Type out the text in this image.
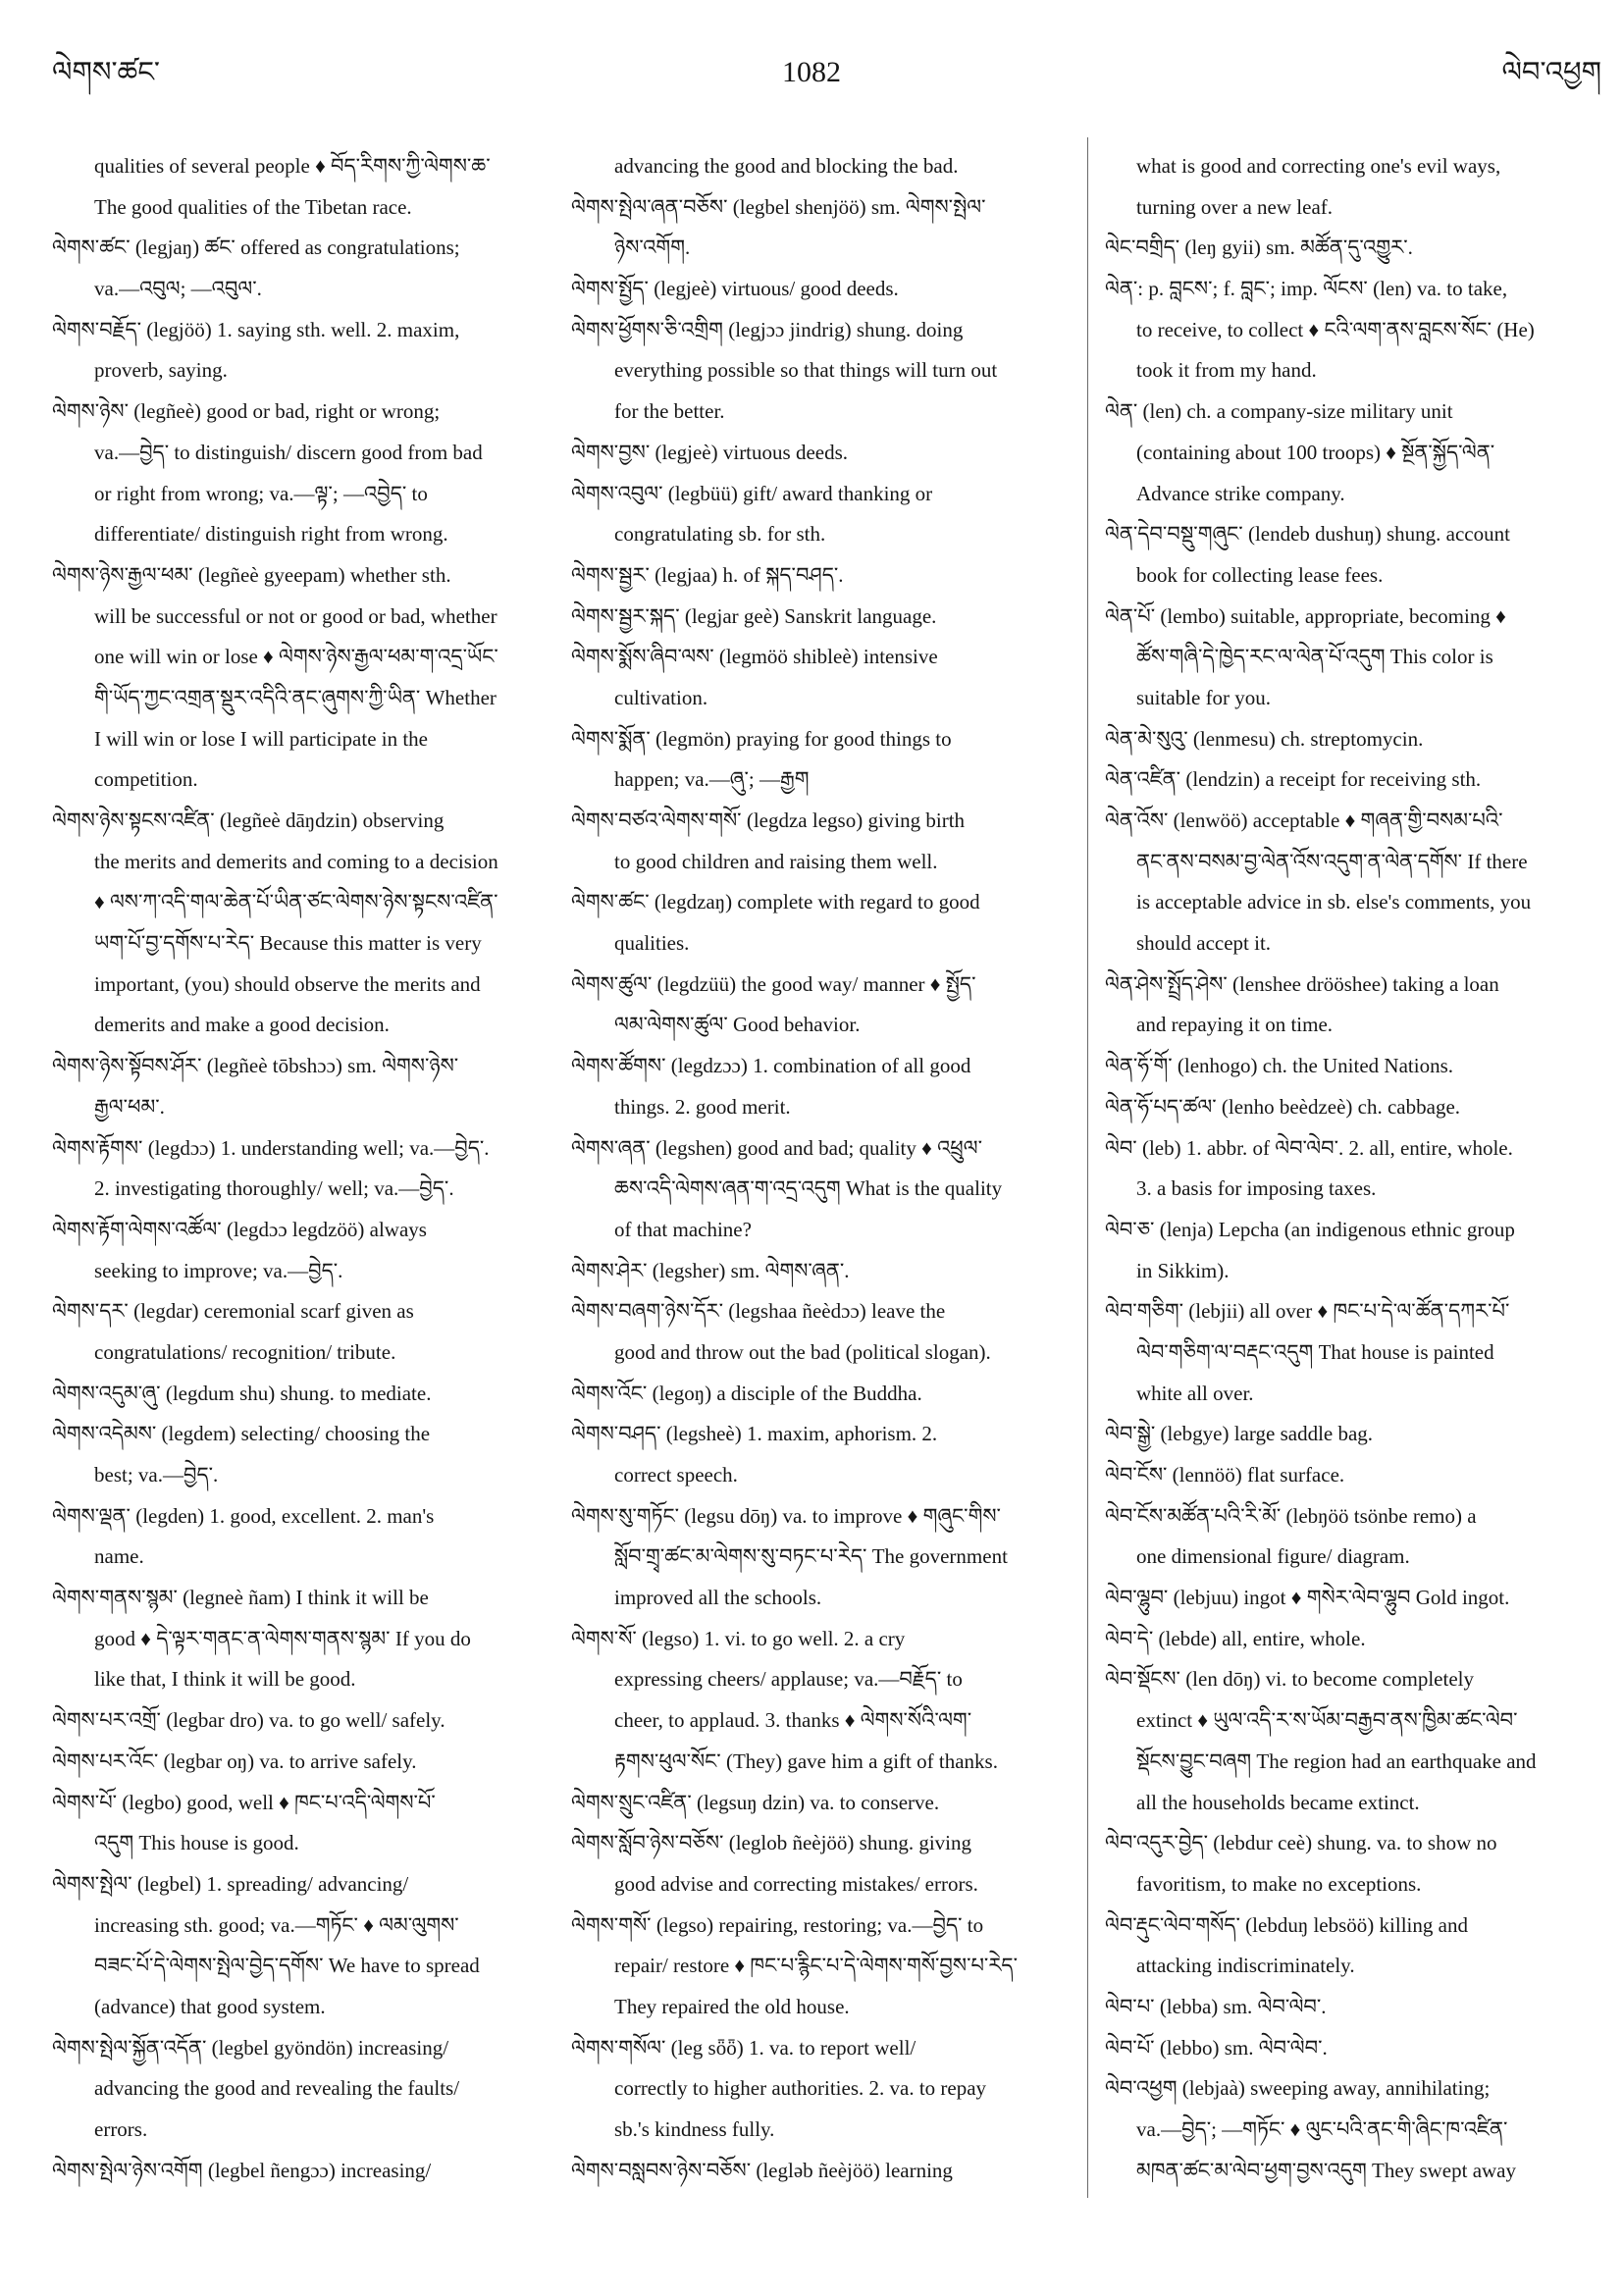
ལེགས་ཚང་	1082	ལེབ་འཕྱག
qualities of several people ♦ བོད་རིགས་ཀྱི་ལེགས་ཆ་
The good qualities of the Tibetan race.
ལེགས་ཚང་ (legjaŋ) ཚང་ offered as congratulations;
va.—འབུལ; —འབུལ་.
ལེགས་བརྗོད་ (legjöö) 1. saying sth. well. 2. maxim,
proverb, saying.
ལེགས་ཉེས་ (legñeè) good or bad, right or wrong;
va.—བྱེད་ to distinguish/ discern good from bad
or right from wrong; va.—ལྟ་; —འབྱེད་ to
differentiate/ distinguish right from wrong.
ལེགས་ཉེས་རྒྱལ་ཕམ་ (legñeè gyeepam) whether sth.
will be successful or not or good or bad, whether
one will win or lose ♦ ལེགས་ཉེས་རྒྱལ་ཕམ་ག་འདྲ་ཡོང་
གི་ཡོད་ཀྱང་འགྲན་སྡུར་འདིའི་ནང་ཞུགས་ཀྱི་ཡིན་ Whether
I will win or lose I will participate in the
competition.
ལེགས་ཉེས་སྟངས་འཛིན་ (legñeè dāŋdzin) observing
the merits and demerits and coming to a decision
♦ ལས་ཀ་འདི་གལ་ཆེན་པོ་ཡིན་ཙང་ལེགས་ཉེས་སྟངས་འཛིན་
ཡག་པོ་བྱ་དགོས་པ་རེད་ Because this matter is very
important, (you) should observe the merits and
demerits and make a good decision.
ལེགས་ཉེས་སྟོབས་ཤོར་ (legñeè tōbshɔɔ) sm. ལེགས་ཉེས་
རྒྱལ་ཕམ་.
ལེགས་རྟོགས་ (legdɔɔ) 1. understanding well; va.—བྱེད་.
2. investigating thoroughly/ well; va.—བྱེད་.
ལེགས་རྟོག་ལེགས་འཚོལ་ (legdɔɔ legdzöö) always
seeking to improve; va.—བྱེད་.
ལེགས་དར་ (legdar) ceremonial scarf given as
congratulations/ recognition/ tribute.
ལེགས་འདུམ་ཞུ་ (legdum shu) shung. to mediate.
ལེགས་འདེམས་ (legdem) selecting/ choosing the
best; va.—བྱེད་.
ལེགས་ལྡན་ (legden) 1. good, excellent. 2. man's
name.
ལེགས་གནས་སྙམ་ (legneè ñam) I think it will be
good ♦ དེ་ལྟར་གནང་ན་ལེགས་གནས་སྙམ་ If you do
like that, I think it will be good.
ལེགས་པར་འགྲོ་ (legbar dro) va. to go well/ safely.
ལེགས་པར་འོང་ (legbar oŋ) va. to arrive safely.
ལེགས་པོ་ (legbo) good, well ♦ ཁང་པ་འདི་ལེགས་པོ་
འདུག This house is good.
ལེགས་སྤེལ་ (legbel) 1. spreading/ advancing/
increasing sth. good; va.—གཏོང་ ♦ ལམ་ལུགས་
བཟང་པོ་དེ་ལེགས་སྤེལ་བྱེད་དགོས་ We have to spread
(advance) that good system.
ལེགས་སྤེལ་སྐྱོན་འདོན་ (legbel gyöndön) increasing/
advancing the good and revealing the faults/
errors.
ལེགས་སྤེལ་ཉེས་འགོག (legbel ñengɔɔ) increasing/
advancing the good and blocking the bad.
ལེགས་སྤེལ་ཞན་བཅོས་ (legbel shenjöö) sm. ལེགས་སྤེལ་
ཉེས་འགོག.
ལེགས་སྤྱོད་ (legjeè) virtuous/ good deeds.
ལེགས་ཕྱོགས་ཅི་འགྲིག (legjɔɔ jindrig) shung. doing
everything possible so that things will turn out
for the better.
ལེགས་བྱས་ (legjeè) virtuous deeds.
ལེགས་འབུལ་ (legbüü) gift/ award thanking or
congratulating sb. for sth.
ལེགས་སྦྱར་ (legjaa) h. of སྐད་བཤད་.
ལེགས་སྦྱར་སྐད་ (legjar geè) Sanskrit language.
ལེགས་སྨོས་ཞིབ་ལས་ (legmöö shibleè) intensive
cultivation.
ལེགས་སྨོན་ (legmön) praying for good things to
happen; va.—ཞུ་; —རྒྱག
ལེགས་བཙའ་ལེགས་གསོ་ (legdza legso) giving birth
to good children and raising them well.
ལེགས་ཚང་ (legdzaŋ) complete with regard to good
qualities.
ལེགས་ཚུལ་ (legdzüü) the good way/ manner ♦ སྤྱོད་
ལམ་ལེགས་ཚུལ་ Good behavior.
ལེགས་ཚོགས་ (legdzɔɔ) 1. combination of all good
things. 2. good merit.
ལེགས་ཞན་ (legshen) good and bad; quality ♦ འཕྲུལ་
ཆས་འདི་ལེགས་ཞན་ག་འདྲ་འདུག What is the quality
of that machine?
ལེགས་ཤེར་ (legsher) sm. ལེགས་ཞན་.
ལེགས་བཞག་ཉེས་དོར་ (legshaa ñeèdɔɔ) leave the
good and throw out the bad (political slogan).
ལེགས་འོང་ (legoŋ) a disciple of the Buddha.
ལེགས་བཤད་ (legsheè) 1. maxim, aphorism. 2.
correct speech.
ལེགས་སུ་གཏོང་ (legsu dōŋ) va. to improve ♦ གཞུང་གིས་
སློབ་གྲྭ་ཚང་མ་ལེགས་སུ་བཏང་པ་རེད་ The government
improved all the schools.
ལེགས་སོ་ (legso) 1. vi. to go well. 2. a cry
expressing cheers/ applause; va.—བརྗོད་ to
cheer, to applaud. 3. thanks ♦ ལེགས་སོའི་ལག་
རྟགས་ཕུལ་སོང་ (They) gave him a gift of thanks.
ལེགས་སྲུང་འཛིན་ (legsuŋ dzin) va. to conserve.
ལེགས་སློབ་ཉེས་བཅོས་ (leglob ñeèjöö) shung. giving
good advise and correcting mistakes/ errors.
ལེགས་གསོ་ (legso) repairing, restoring; va.—བྱེད་ to
repair/ restore ♦ ཁང་པ་རྙིང་པ་དེ་ལེགས་གསོ་བྱས་པ་རེད་
They repaired the old house.
ལེགས་གསོལ་ (leg sȫȫ) 1. va. to report well/
correctly to higher authorities. 2. va. to repay
sb.'s kindness fully.
ལེགས་བསླབས་ཉེས་བཅོས་ (legləb ñeèjöö) learning
what is good and correcting one's evil ways,
turning over a new leaf.
ལེང་བགྲིད་ (leŋ gyii) sm. མཚོན་དུ་འགྱུར་.
ལེན་: p. བླངས་; f. བླང་; imp. ལོངས་ (len) va. to take,
to receive, to collect ♦ ངའི་ལག་ནས་བླངས་སོང་ (He)
took it from my hand.
ལེན་ (len) ch. a company-size military unit
(containing about 100 troops) ♦ སྔོན་སྐྱོད་ལེན་
Advance strike company.
ལེན་དེབ་བསྡུ་གཞུང་ (lendeb dushuŋ) shung. account
book for collecting lease fees.
ལེན་པོ་ (lembo) suitable, appropriate, becoming ♦
ཚོས་གཞི་དེ་ཁྱེད་རང་ལ་ལེན་པོ་འདུག This color is
suitable for you.
ལེན་མེ་སུའུ་ (lenmesu) ch. streptomycin.
ལེན་འཛིན་ (lendzin) a receipt for receiving sth.
ལེན་འོས་ (lenwöö) acceptable ♦ གཞན་གྱི་བསམ་པའི་
ནང་ནས་བསམ་བྱ་ལེན་འོས་འདུག་ན་ལེན་དགོས་ If there
is acceptable advice in sb. else's comments, you
should accept it.
ལེན་ཤེས་སྤྲོད་ཤེས་ (lenshee drööshee) taking a loan
and repaying it on time.
ལེན་ཧོ་གོ་ (lenhogo) ch. the United Nations.
ལེན་ཧོ་པད་ཚལ་ (lenho beèdzeè) ch. cabbage.
ལེབ་ (leb) 1. abbr. of ལེབ་ལེབ་. 2. all, entire, whole.
3. a basis for imposing taxes.
ལེབ་ཅ་ (lenja) Lepcha (an indigenous ethnic group
in Sikkim).
ལེབ་གཅིག་ (lebjii) all over ♦ ཁང་པ་དེ་ལ་ཚོན་དཀར་པོ་
ལེབ་གཅིག་ལ་བརྡང་འདུག That house is painted
white all over.
ལེབ་སྒྱེ་ (lebgye) large saddle bag.
ལེབ་ངོས་ (lennöö) flat surface.
ལེབ་ངོས་མཚོན་པའི་རི་མོ་ (lebŋöö tsönbe remo) a
one dimensional figure/ diagram.
ལེབ་ལྷུབ་ (lebjuu) ingot ♦ གསེར་ལེབ་ལྷུབ Gold ingot.
ལེབ་དེ་ (lebde) all, entire, whole.
ལེབ་སྡོངས་ (len dōŋ) vi. to become completely
extinct ♦ ཡུལ་འདི་ར་ས་ཡོམ་བརྒྱབ་ནས་ཁྱིམ་ཚང་ལེབ་
སྡོངས་བྱུང་བཞག The region had an earthquake and
all the households became extinct.
ལེབ་འདུར་བྱེད་ (lebdur ceè) shung. va. to show no
favoritism, to make no exceptions.
ལེབ་རྡུང་ལེབ་གསོད་ (lebduŋ lebsöö) killing and
attacking indiscriminately.
ལེབ་པ་ (lebba) sm. ལེབ་ལེབ་.
ལེབ་པོ་ (lebbo) sm. ལེབ་ལེབ་.
ལེབ་འཕྱག (lebjaà) sweeping away, annihilating;
va.—བྱེད་; —གཏོང་ ♦ ལུང་པའི་ནང་གི་ཞིང་ཁ་འཛིན་
མཁན་ཚང་མ་ལེབ་ཕྱག་བྱས་འདུག They swept away
